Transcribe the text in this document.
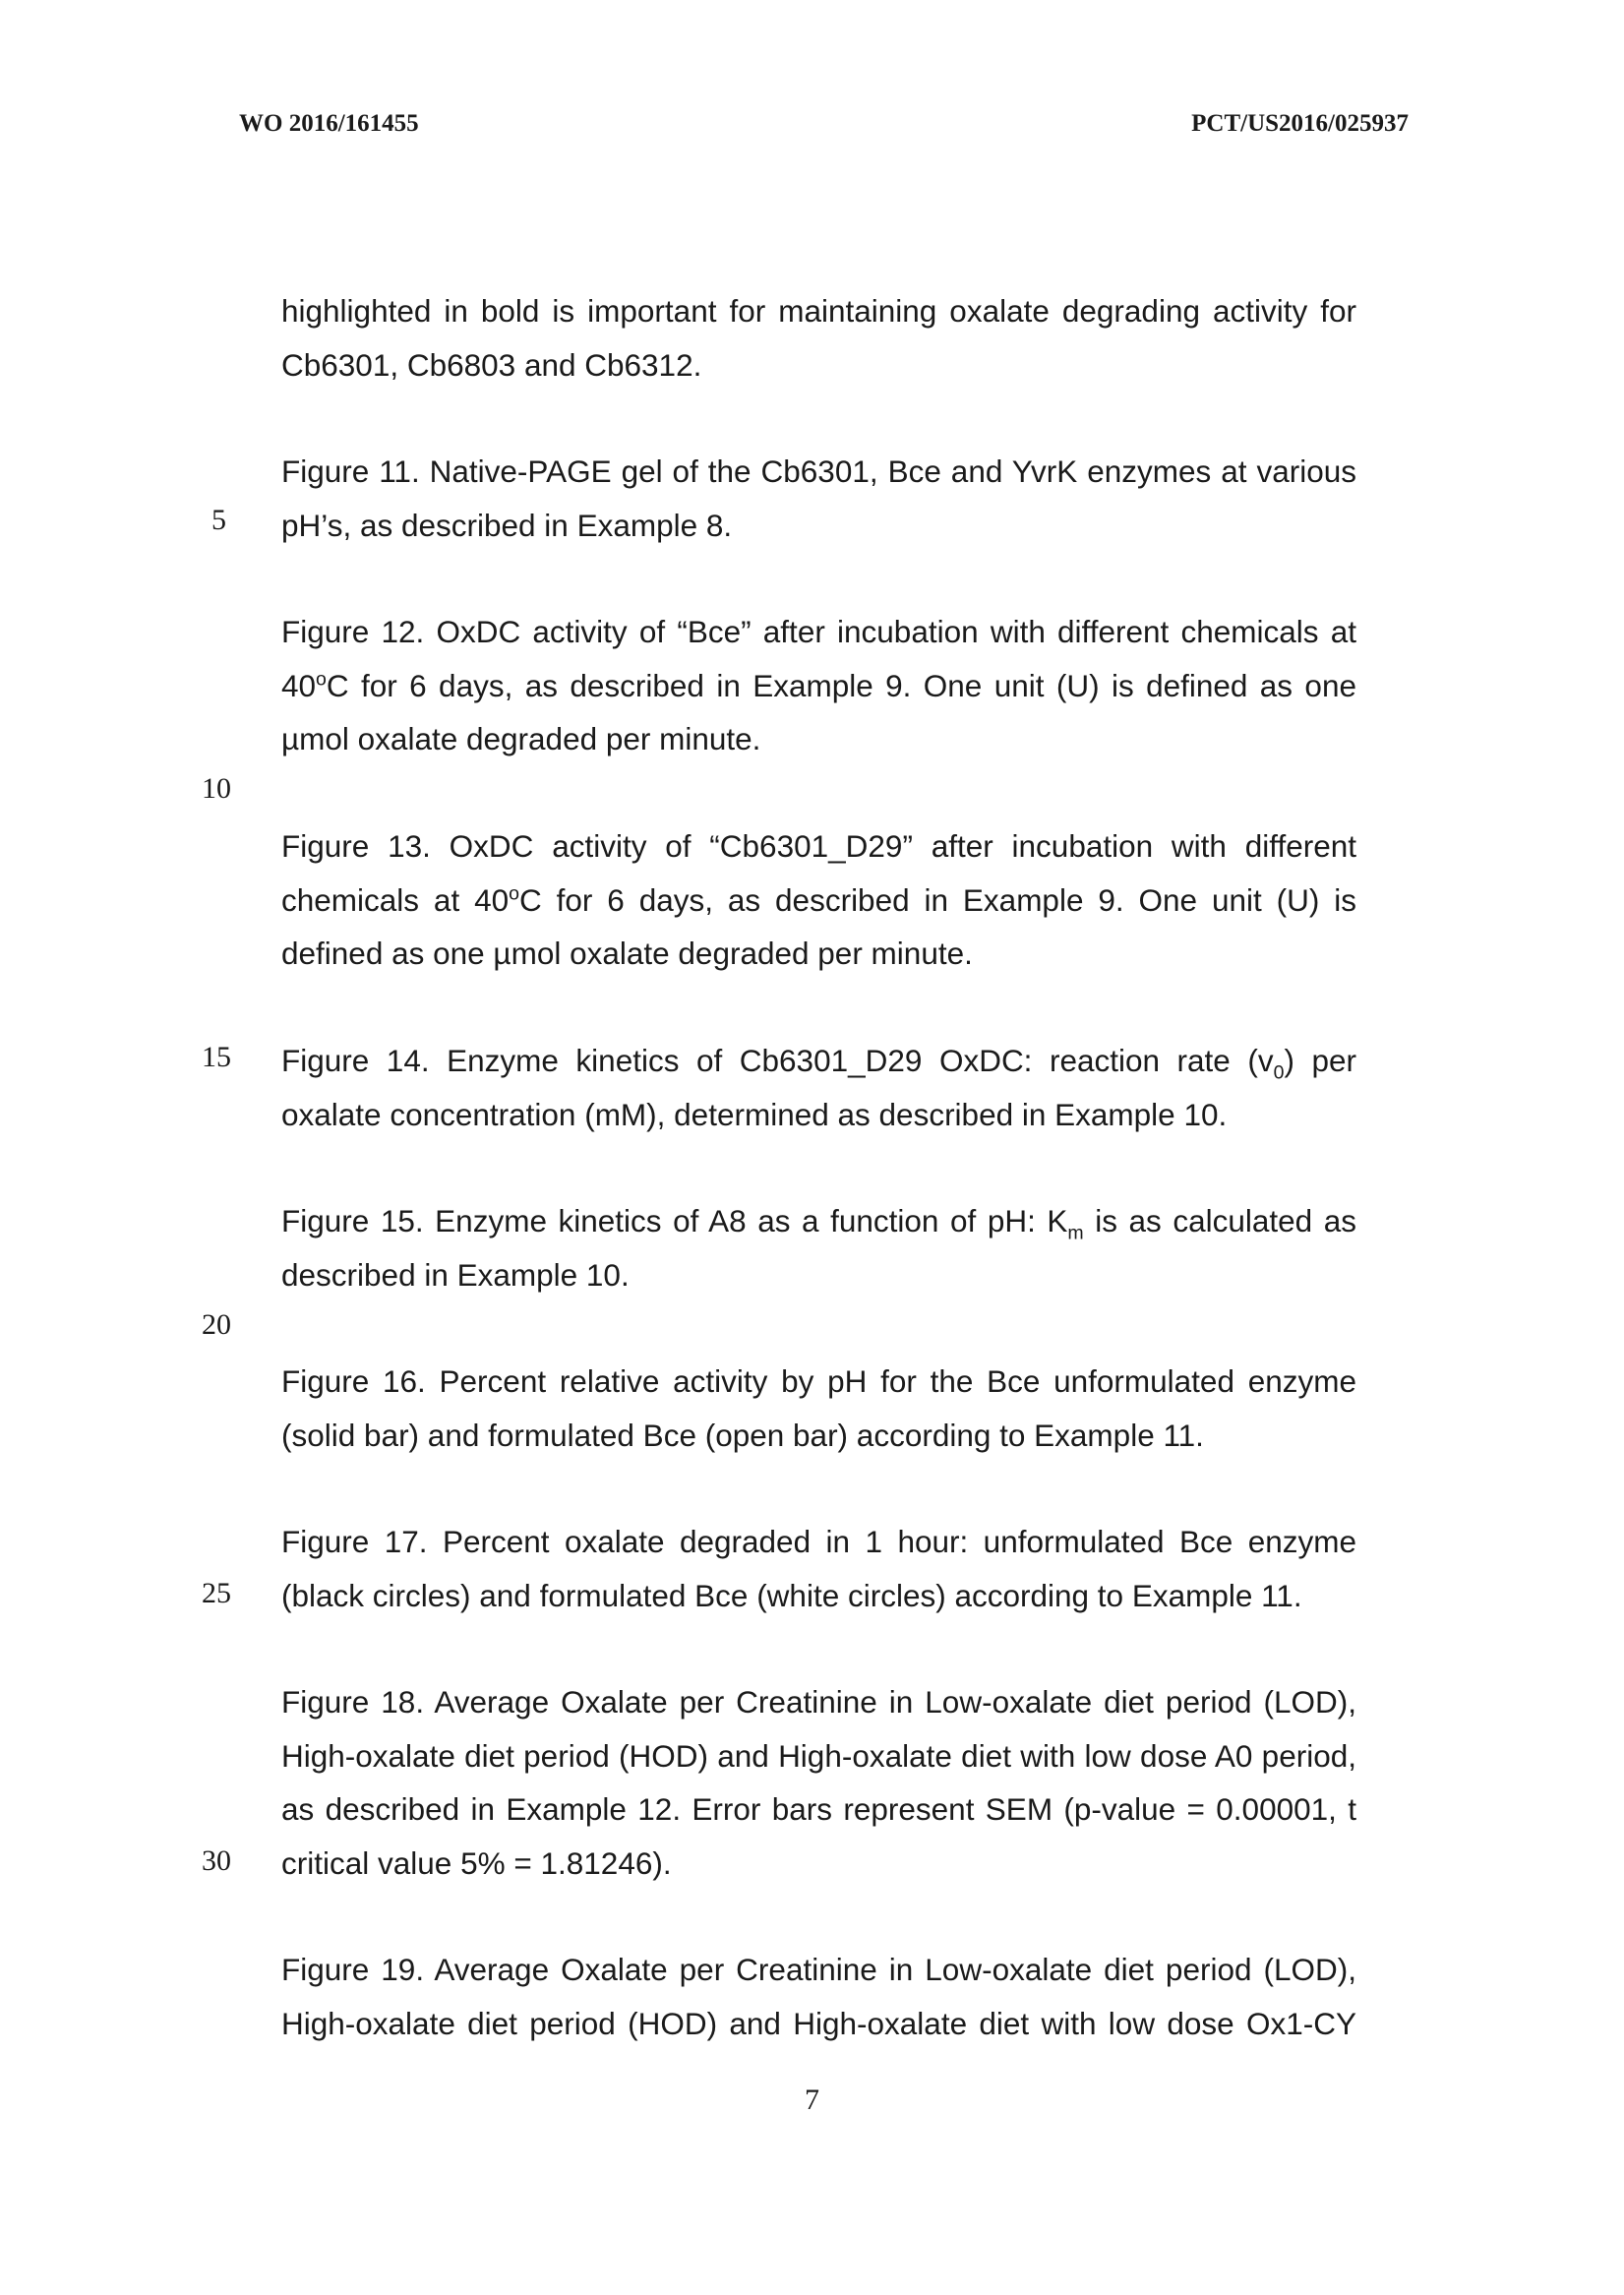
WO 2016/161455	PCT/US2016/025937
highlighted in bold is important for maintaining oxalate degrading activity for
Cb6301, Cb6803 and Cb6312.
Figure 11. Native-PAGE gel of the Cb6301, Bce and YvrK enzymes at various
pH’s, as described in Example 8.
Figure 12. OxDC activity of “Bce” after incubation with different chemicals at
40$^o$C for 6 days, as described in Example 9. One unit (U) is defined as one
µmol oxalate degraded per minute.
Figure 13. OxDC activity of “Cb6301_D29” after incubation with different
chemicals at 40$^o$C for 6 days, as described in Example 9. One unit (U) is
defined as one µmol oxalate degraded per minute.
Figure 14. Enzyme kinetics of Cb6301_D29 OxDC: reaction rate $(v_0)$ per
oxalate concentration (mM), determined as described in Example 10.
Figure 15. Enzyme kinetics of A8 as a function of pH: $K_m$ is as calculated as
described in Example 10.
Figure 16. Percent relative activity by pH for the Bce unformulated enzyme
(solid bar) and formulated Bce (open bar) according to Example 11.
Figure 17. Percent oxalate degraded in 1 hour: unformulated Bce enzyme
(black circles) and formulated Bce (white circles) according to Example 11.
Figure 18. Average Oxalate per Creatinine in Low-oxalate diet period (LOD),
High-oxalate diet period (HOD) and High-oxalate diet with low dose A0 period,
as described in Example 12. Error bars represent SEM (p-value = 0.00001, t
critical value 5% = 1.81246).
Figure 19. Average Oxalate per Creatinine in Low-oxalate diet period (LOD),
High-oxalate diet period (HOD) and High-oxalate diet with low dose Ox1-CY
5
10
15
20
25
30
7
